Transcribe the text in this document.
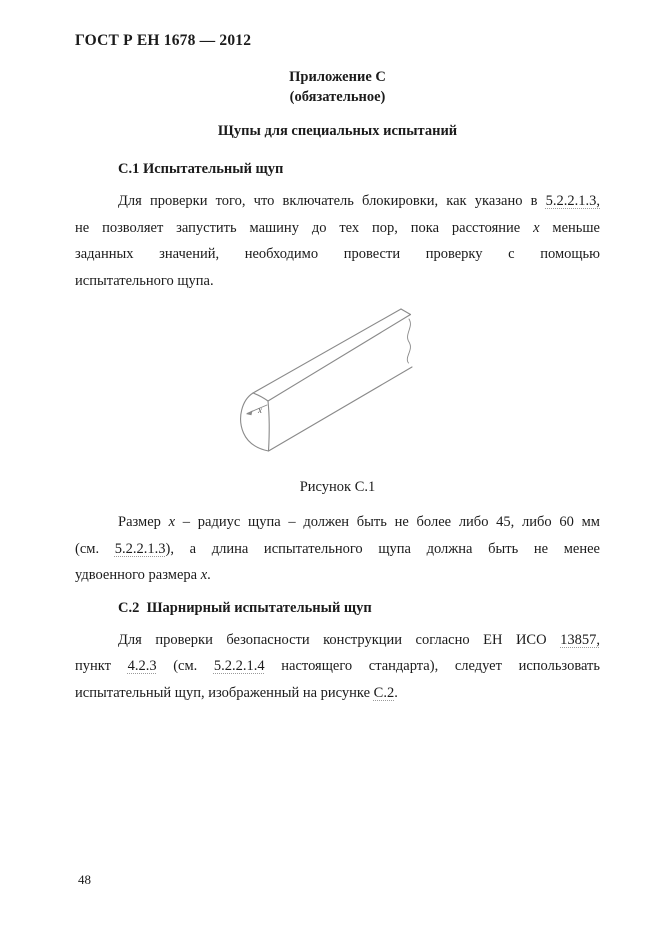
ГОСТ Р ЕН 1678 — 2012
Приложение С
(обязательное)
Щупы для специальных испытаний
С.1 Испытательный щуп
Для проверки того, что включатель блокировки, как указано в 5.2.2.1.3,
не позволяет запустить машину до тех пор, пока расстояние x меньше
заданных значений, необходимо провести проверку с помощью
испытательного щупа.
x
Рисунок С.1
Размер x – радиус щупа – должен быть не более либо 45, либо 60 мм
(см. 5.2.2.1.3), а длина испытательного щупа должна быть не менее
удвоенного размера x.
С.2  Шарнирный испытательный щуп
Для проверки безопасности конструкции согласно ЕН ИСО 13857,
пункт 4.2.3 (см. 5.2.2.1.4 настоящего стандарта), следует использовать
испытательный щуп, изображенный на рисунке С.2.
48
